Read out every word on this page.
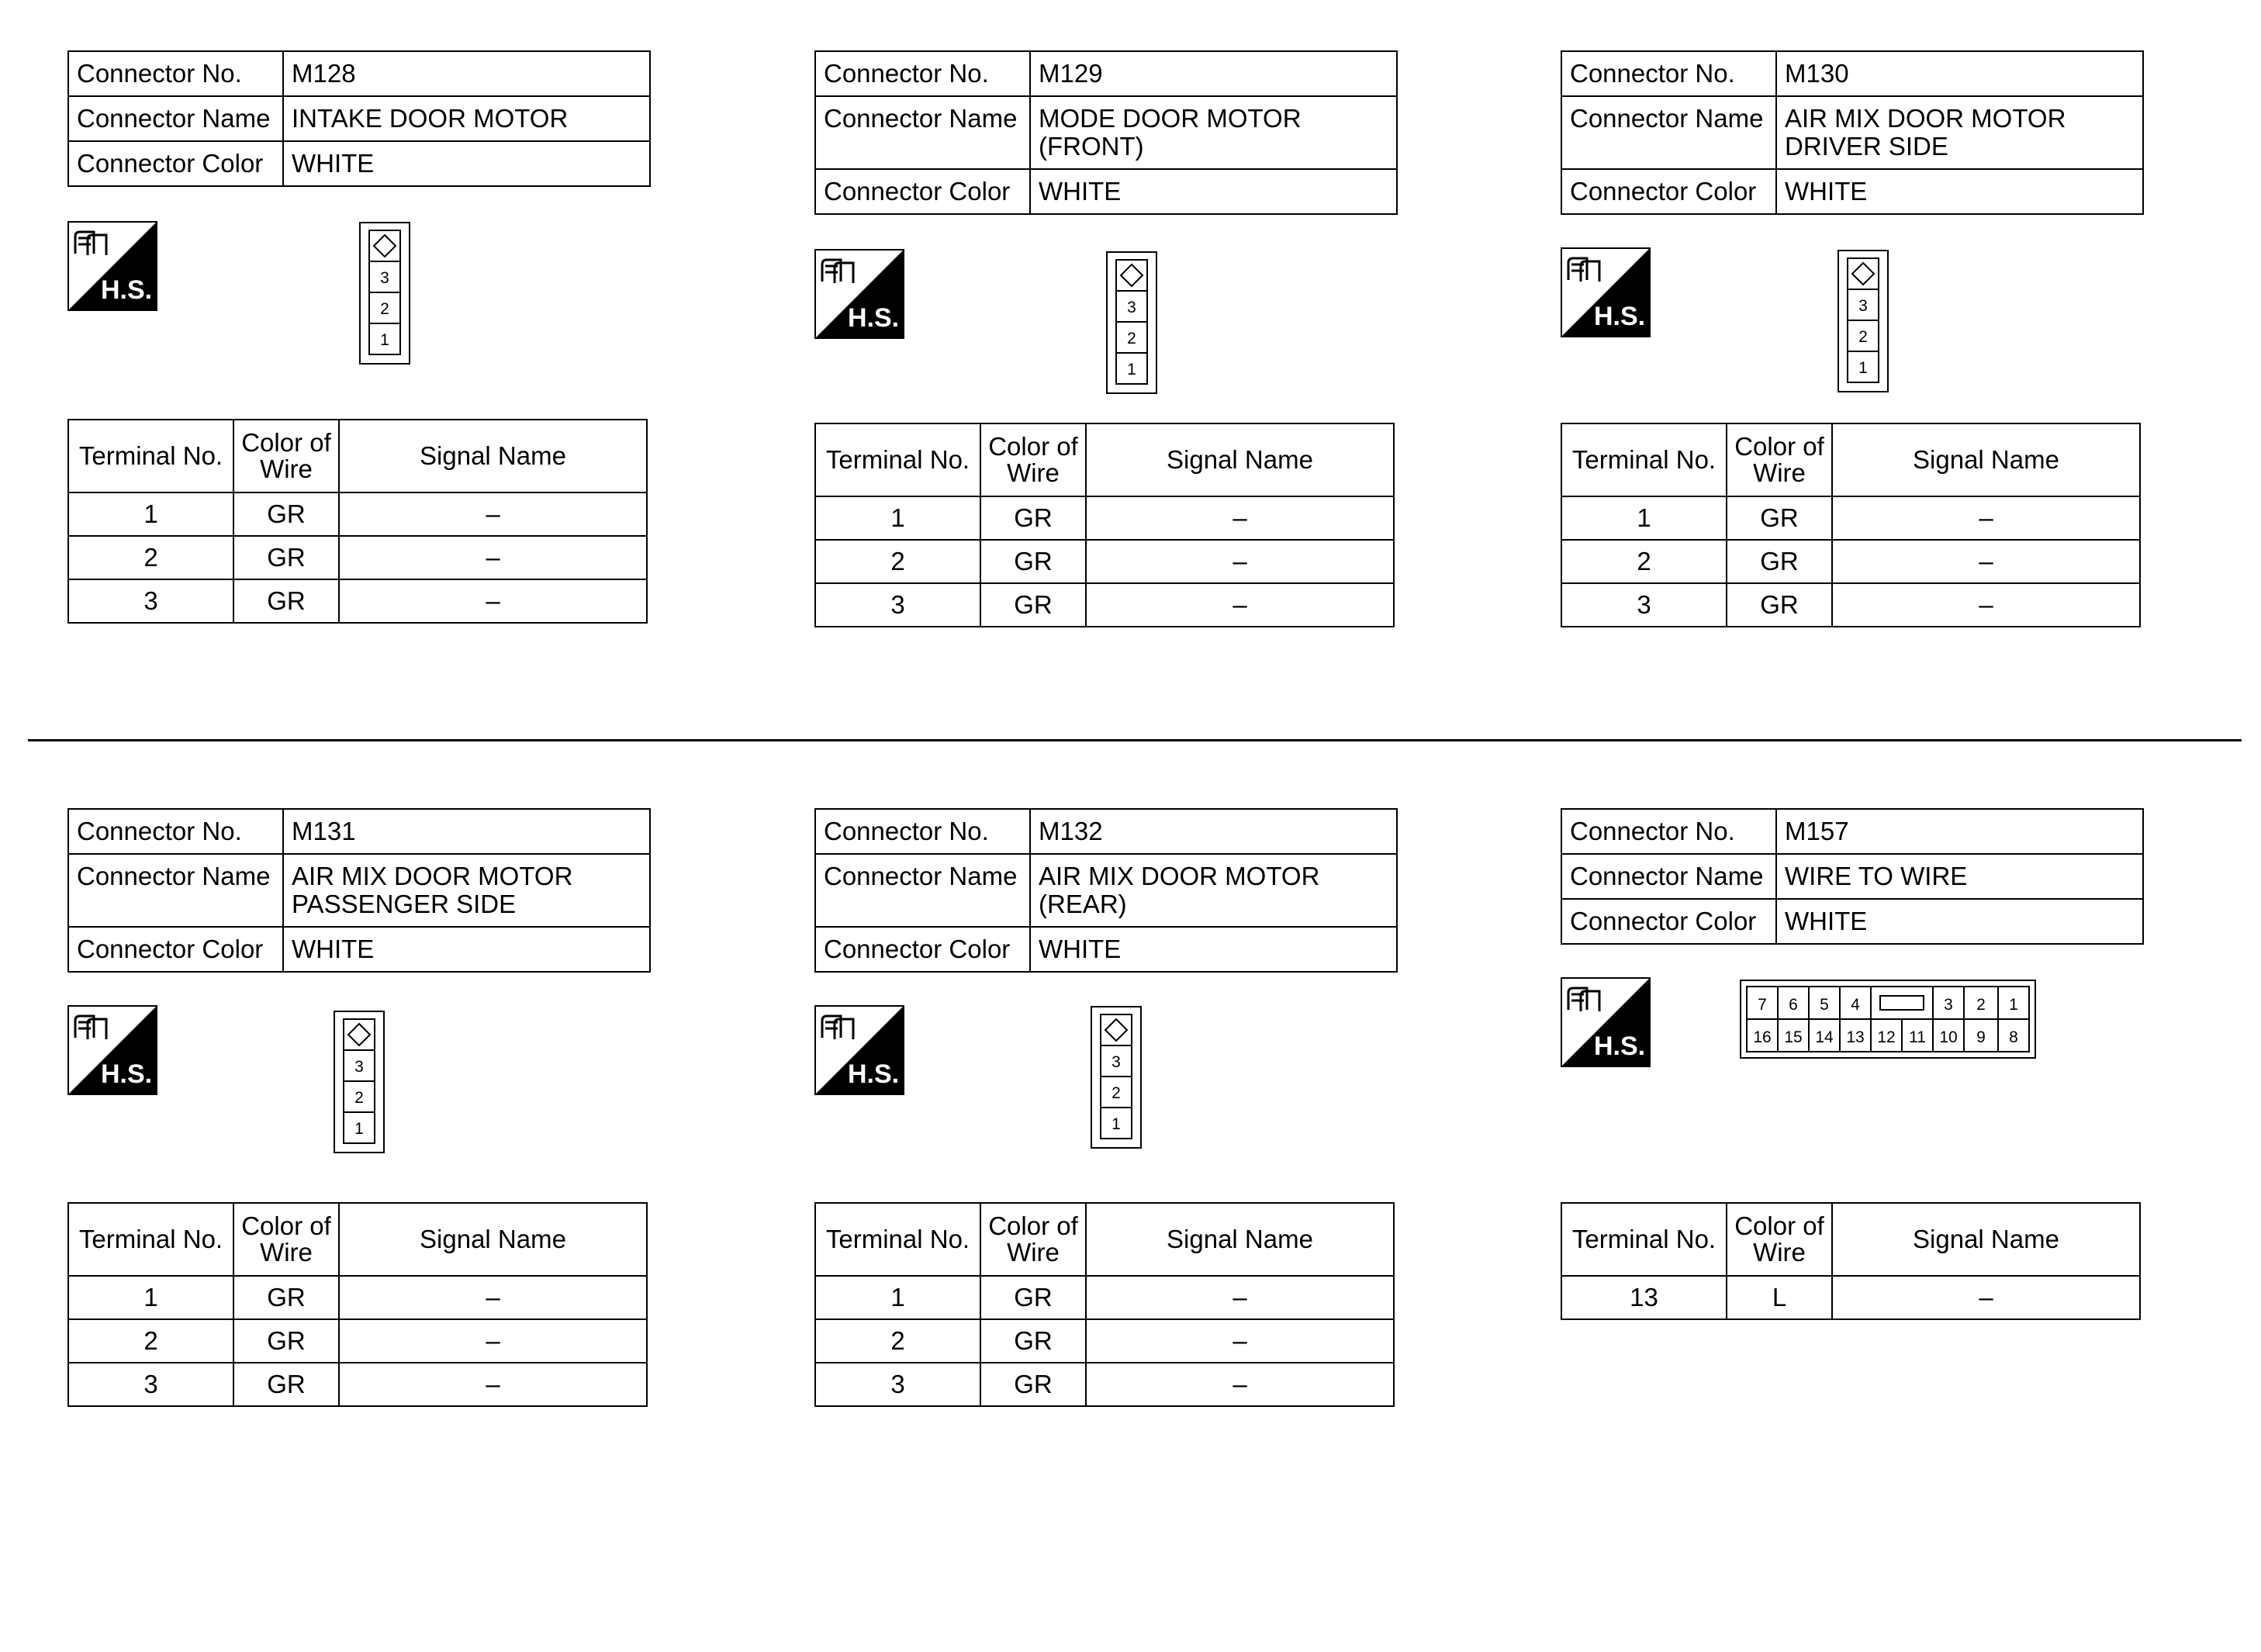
Connector No.	M128
Connector Name	INTAKE DOOR MOTOR
Connector Color	WHITE
H.S.	3
2
1
Terminal No.	Color of Wire	Signal Name
1	GR	–
2	GR	–
3	GR	–
Connector No.	M129
Connector Name	MODE DOOR MOTOR
(FRONT)
Connector Color	WHITE
H.S.	3
2
1
Terminal No.	Color of Wire	Signal Name
1	GR	–
2	GR	–
3	GR	–
Connector No.	M130
Connector Name	AIR MIX DOOR MOTOR
DRIVER SIDE
Connector Color	WHITE
H.S.	3
2
1
Terminal No.	Color of Wire	Signal Name
1	GR	–
2	GR	–
3	GR	–
Connector No.	M131
Connector Name	AIR MIX DOOR MOTOR
PASSENGER SIDE
Connector Color	WHITE
H.S.	3
2
1
Terminal No.	Color of Wire	Signal Name
1	GR	–
2	GR	–
3	GR	–
Connector No.	M132
Connector Name	AIR MIX DOOR MOTOR
(REAR)
Connector Color	WHITE
H.S.	3
2
1
Terminal No.	Color of Wire	Signal Name
1	GR	–
2	GR	–
3	GR	–
Connector No.	M157
Connector Name	WIRE TO WIRE
Connector Color	WHITE
H.S.
7 6 5 4	3 2 1
16 15 14 13 12 11 10 9 8
Terminal No.	Color of Wire	Signal Name
13	L	–
